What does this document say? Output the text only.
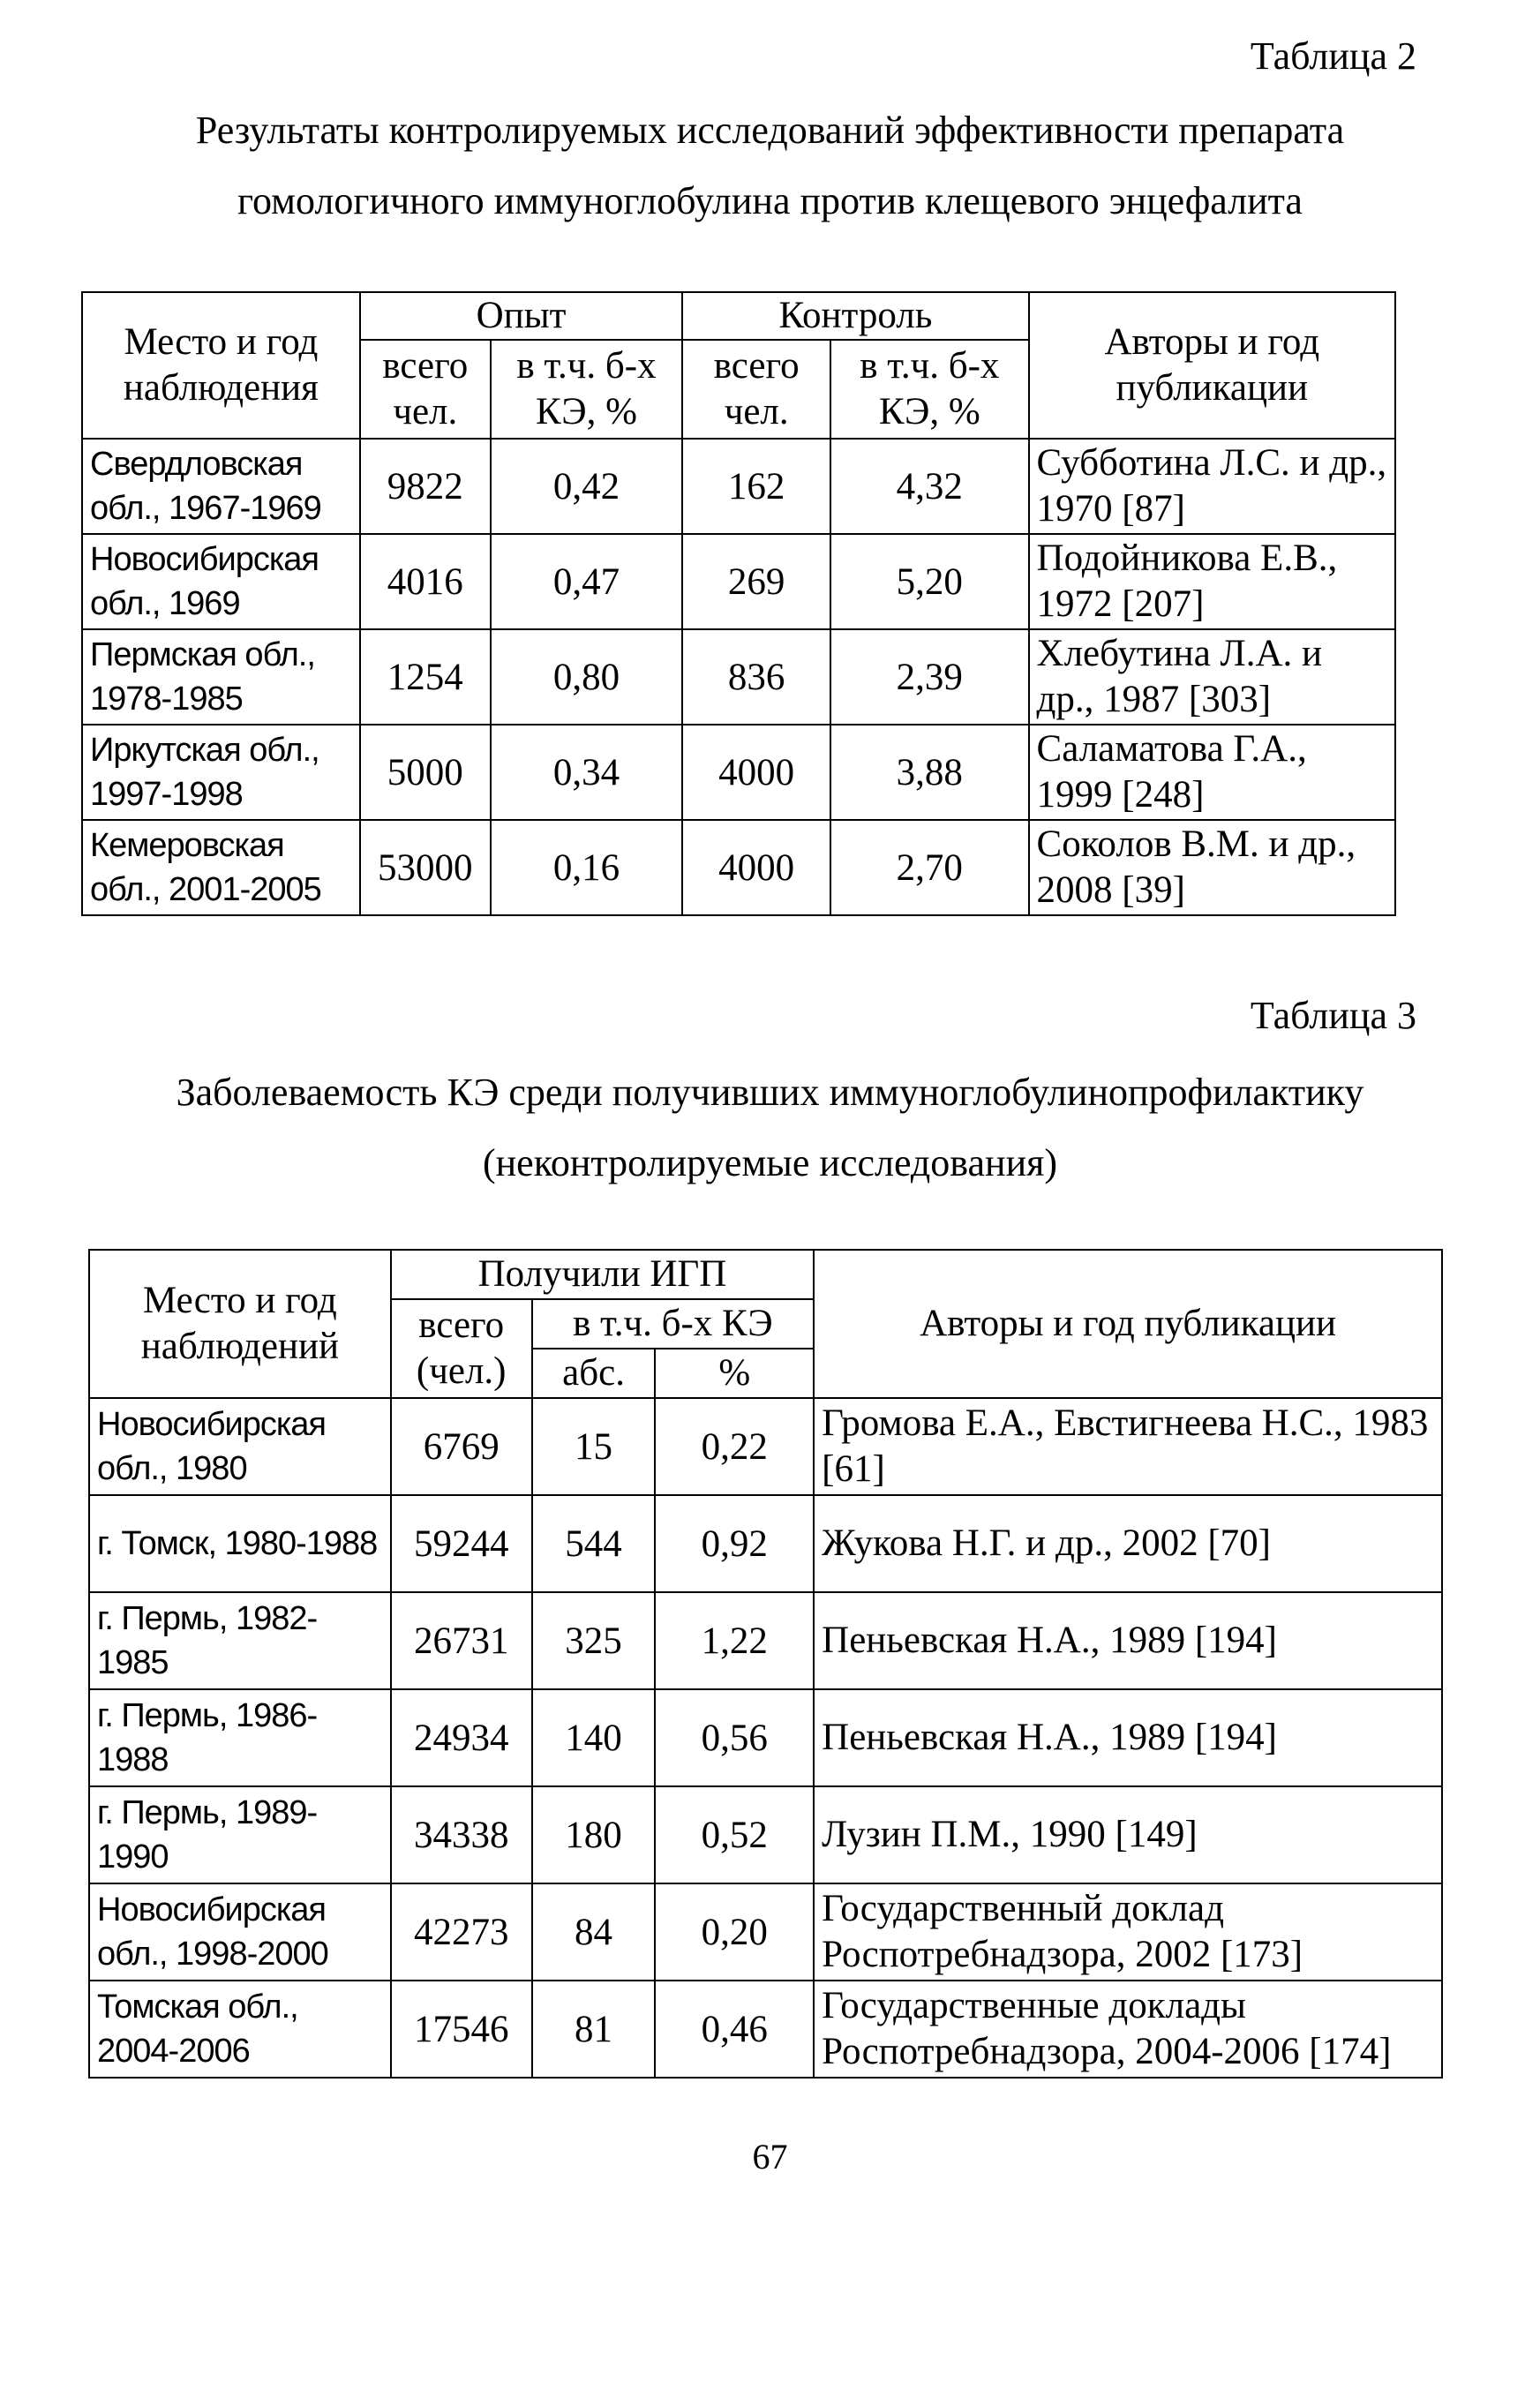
Таблица 2
Результаты контролируемых исследований эффективности препарата
гомологичного иммуноглобулина против клещевого энцефалита
Место и год наблюдения	Опыт		Контроль		Авторы и год публикации
	всего чел.	в т.ч. б-х КЭ, %	всего чел.	в т.ч. б-х КЭ, %	
Свердловская обл., 1967-1969	9822	0,42	162	4,32	Субботина Л.С. и др., 1970 [87]
Новосибирская обл., 1969	4016	0,47	269	5,20	Подойникова Е.В., 1972 [207]
Пермская обл., 1978-1985	1254	0,80	836	2,39	Хлебутина Л.А. и др., 1987 [303]
Иркутская обл., 1997-1998	5000	0,34	4000	3,88	Саламатова Г.А., 1999 [248]
Кемеровская обл., 2001-2005	53000	0,16	4000	2,70	Соколов В.М. и др., 2008 [39]
Таблица 3
Заболеваемость КЭ среди получивших иммуноглобулинопрофилактику
(неконтролируемые исследования)
Место и год наблюдений	Получили ИГП			Авторы и год публикации
	всего (чел.)	в т.ч. б-х КЭ		
		абс.	%	
Новосибирская обл., 1980	6769	15	0,22	Громова Е.А., Евстигнеева Н.С., 1983 [61]
г. Томск, 1980-1988	59244	544	0,92	Жукова Н.Г. и др., 2002 [70]
г. Пермь, 1982-1985	26731	325	1,22	Пеньевская Н.А., 1989 [194]
г. Пермь, 1986-1988	24934	140	0,56	Пеньевская Н.А., 1989 [194]
г. Пермь, 1989-1990	34338	180	0,52	Лузин П.М., 1990 [149]
Новосибирская обл., 1998-2000	42273	84	0,20	Государственный доклад Роспотребнадзора, 2002 [173]
Томская обл., 2004-2006	17546	81	0,46	Государственные доклады Роспотребнадзора, 2004-2006 [174]
67
